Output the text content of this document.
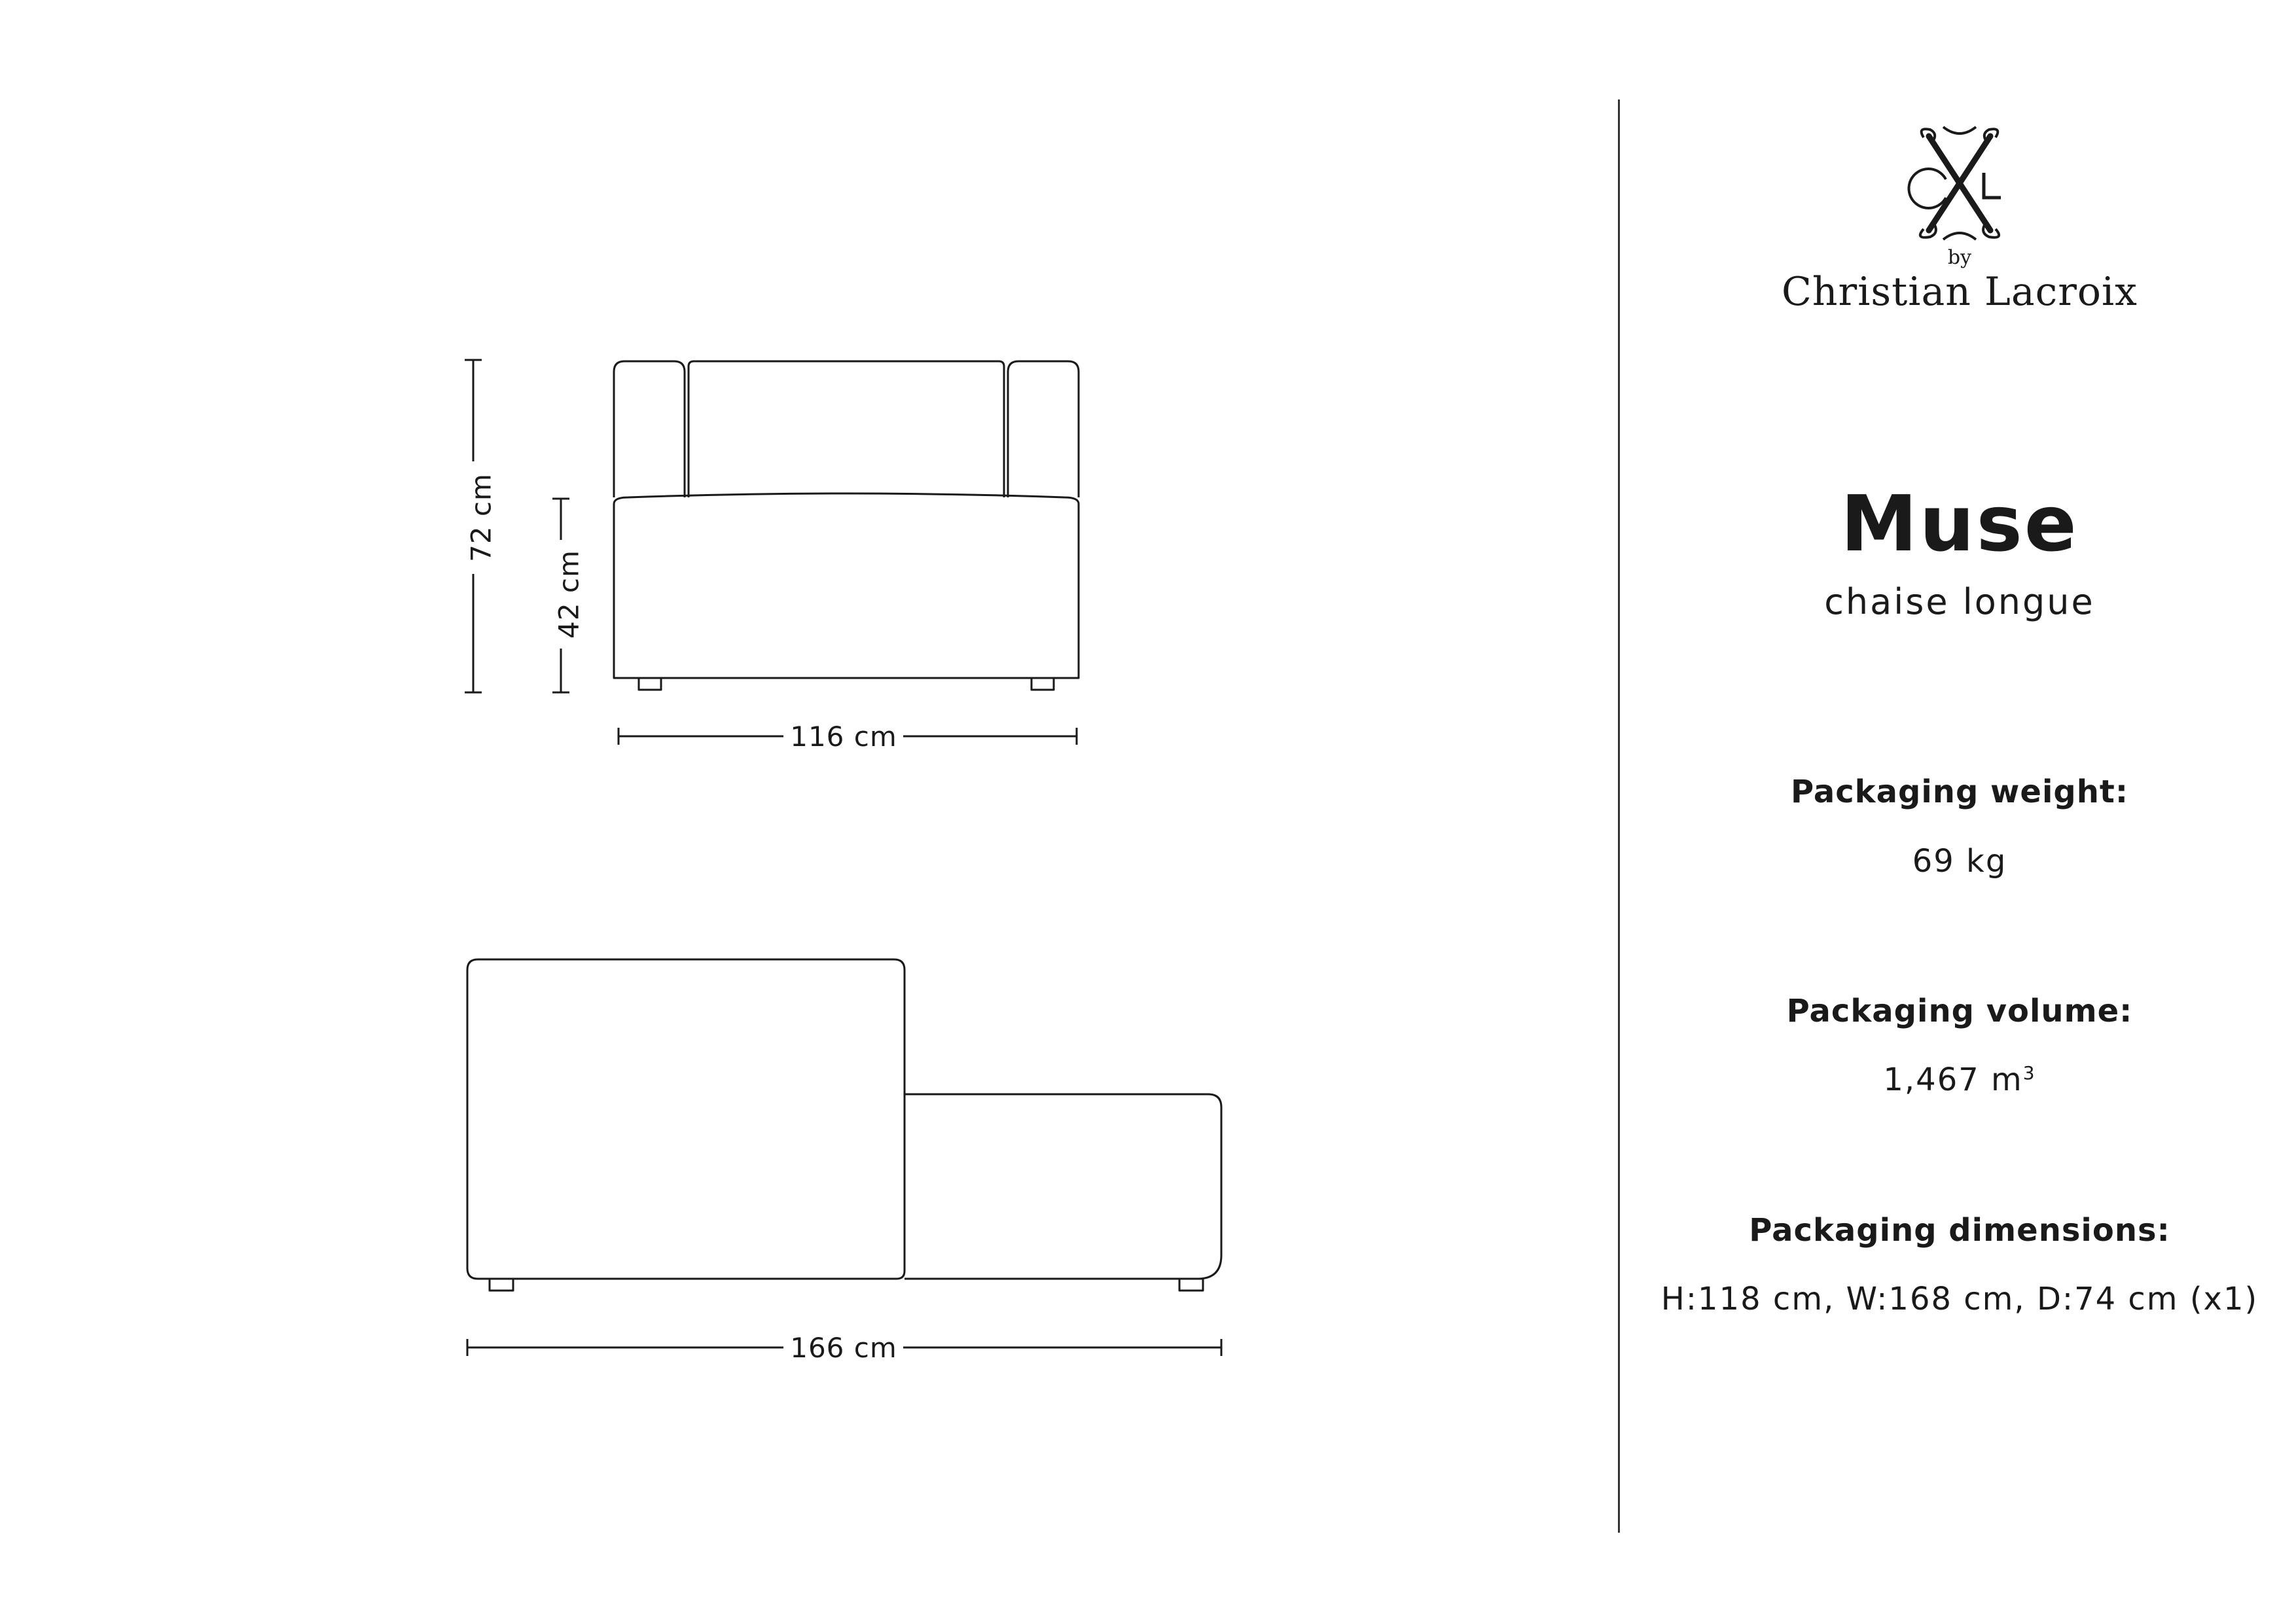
72 cm
42 cm
116 cm
166 cm
by
Christian Lacroix
Muse
chaise longue
Packaging weight:
69 kg
Packaging volume:
1,467 $m^3$
Packaging dimensions:
H:118 cm, W:168 cm, D:74 cm (x1)
